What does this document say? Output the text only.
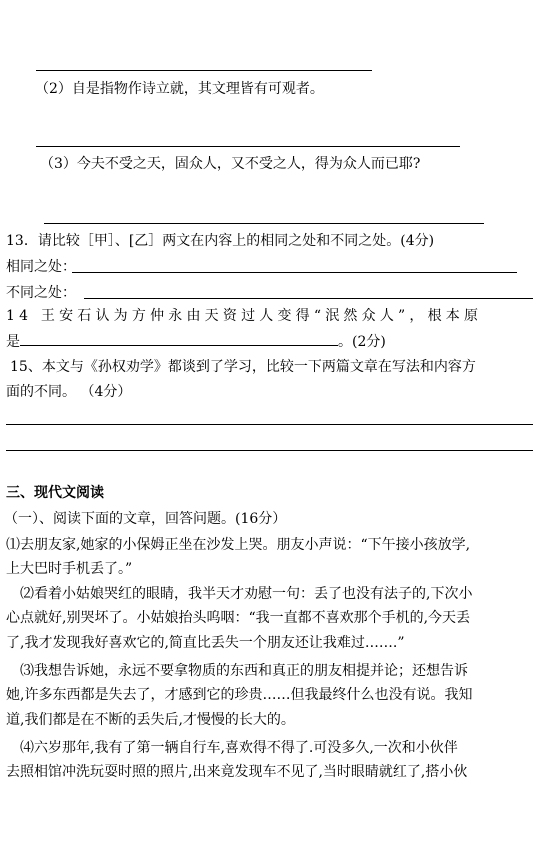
（2）自是指物作诗立就，其文理皆有可观者。
（3）今夫不受之天，固众人，又不受之人，得为众人而已耶?
13．请比较［甲］、[乙］两文在内容上的相同之处和不同之处。(4分)
相同之处：
不同之处：
14 王安石认为方仲永由天资过人变得“泯然众人”，根本原
是	。(2分)
15、本文与《孙权劝学》都谈到了学习，比较一下两篇文章在写法和内容方
面的不同。 （4分）
三、现代文阅读
（一）、阅读下面的文章，回答问题。(16分）
⑴去朋友家,她家的小保姆正坐在沙发上哭。朋友小声说：“下午接小孩放学,
上大巴时手机丢了。”
　⑵看着小姑娘哭红的眼睛，我半天才劝慰一句：丢了也没有法子的,下次小
心点就好,别哭坏了。小姑娘抬头呜咽：“我一直都不喜欢那个手机的,今天丢
了,我才发现我好喜欢它的,简直比丢失一个朋友还让我难过…….”
　⑶我想告诉她，永远不要拿物质的东西和真正的朋友相提并论；还想告诉
她,许多东西都是失去了，才感到它的珍贵……但我最终什么也没有说。我知
道,我们都是在不断的丢失后,才慢慢的长大的。
　⑷六岁那年,我有了第一辆自行车,喜欢得不得了.可没多久,一次和小伙伴
去照相馆冲洗玩耍时照的照片,出来竟发现车不见了,当时眼睛就红了,搭小伙
